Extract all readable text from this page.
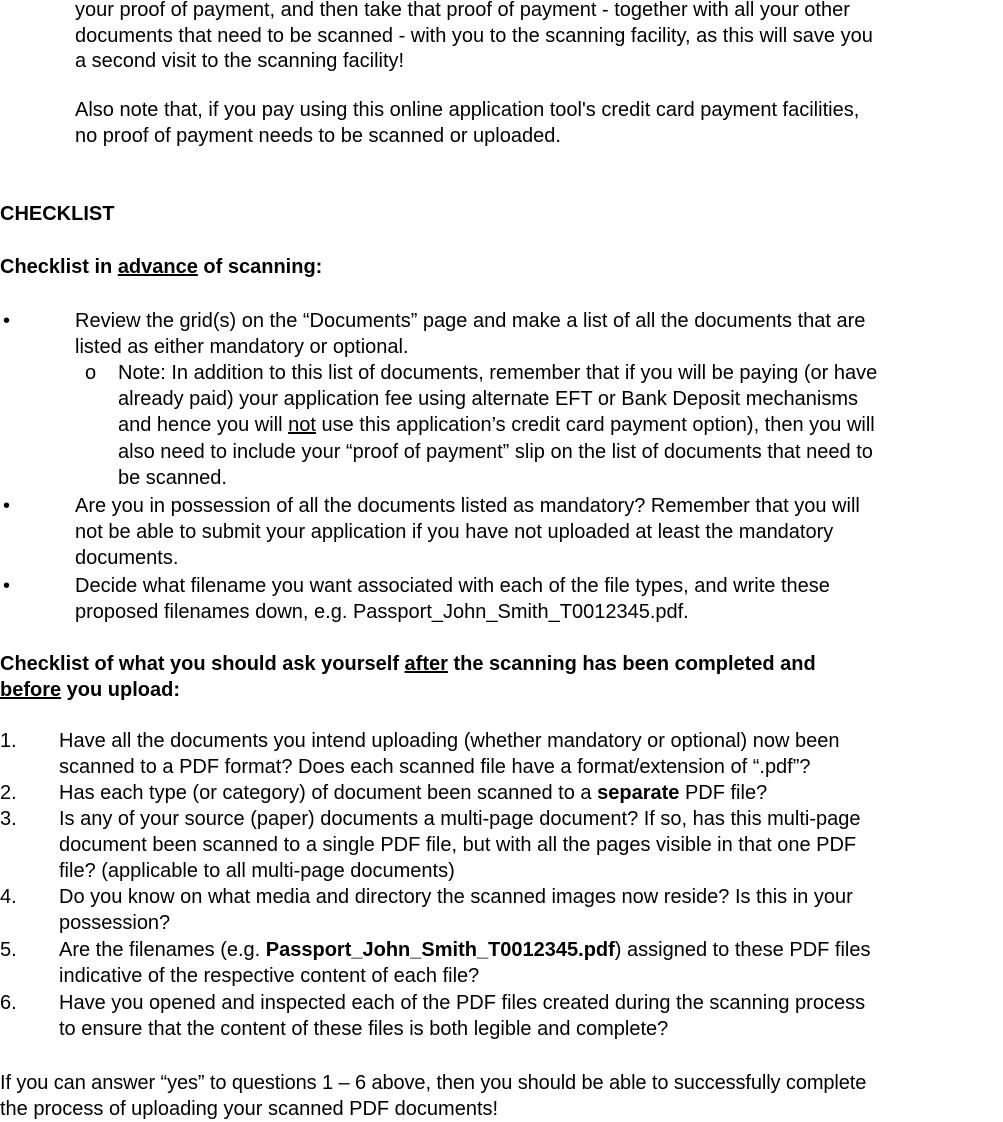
your proof of payment, and then take that proof of payment - together with all your other
documents that need to be scanned - with you to the scanning facility, as this will save you
a second visit to the scanning facility!
Also note that, if you pay using this online application tool's credit card payment facilities,
no proof of payment needs to be scanned or uploaded.
CHECKLIST
Checklist in advance of scanning:
•	Review the grid(s) on the “Documents” page and make a list of all the documents that are
listed as either mandatory or optional.
o Note: In addition to this list of documents, remember that if you will be paying (or have
already paid) your application fee using alternate EFT or Bank Deposit mechanisms
and hence you will not use this application’s credit card payment option), then you will
also need to include your “proof of payment” slip on the list of documents that need to
be scanned.
•	Are you in possession of all the documents listed as mandatory? Remember that you will
not be able to submit your application if you have not uploaded at least the mandatory
documents.
•	Decide what filename you want associated with each of the file types, and write these
proposed filenames down, e.g. Passport_John_Smith_T0012345.pdf.
Checklist of what you should ask yourself after the scanning has been completed and
before you upload:
1. Have all the documents you intend uploading (whether mandatory or optional) now been
scanned to a PDF format? Does each scanned file have a format/extension of “.pdf”?
2. Has each type (or category) of document been scanned to a separate PDF file?
3. Is any of your source (paper) documents a multi-page document? If so, has this multi-page
document been scanned to a single PDF file, but with all the pages visible in that one PDF
file? (applicable to all multi-page documents)
4. Do you know on what media and directory the scanned images now reside? Is this in your
possession?
5. Are the filenames (e.g. Passport_John_Smith_T0012345.pdf) assigned to these PDF files
indicative of the respective content of each file?
6. Have you opened and inspected each of the PDF files created during the scanning process
to ensure that the content of these files is both legible and complete?
If you can answer “yes” to questions 1 – 6 above, then you should be able to successfully complete
the process of uploading your scanned PDF documents!
